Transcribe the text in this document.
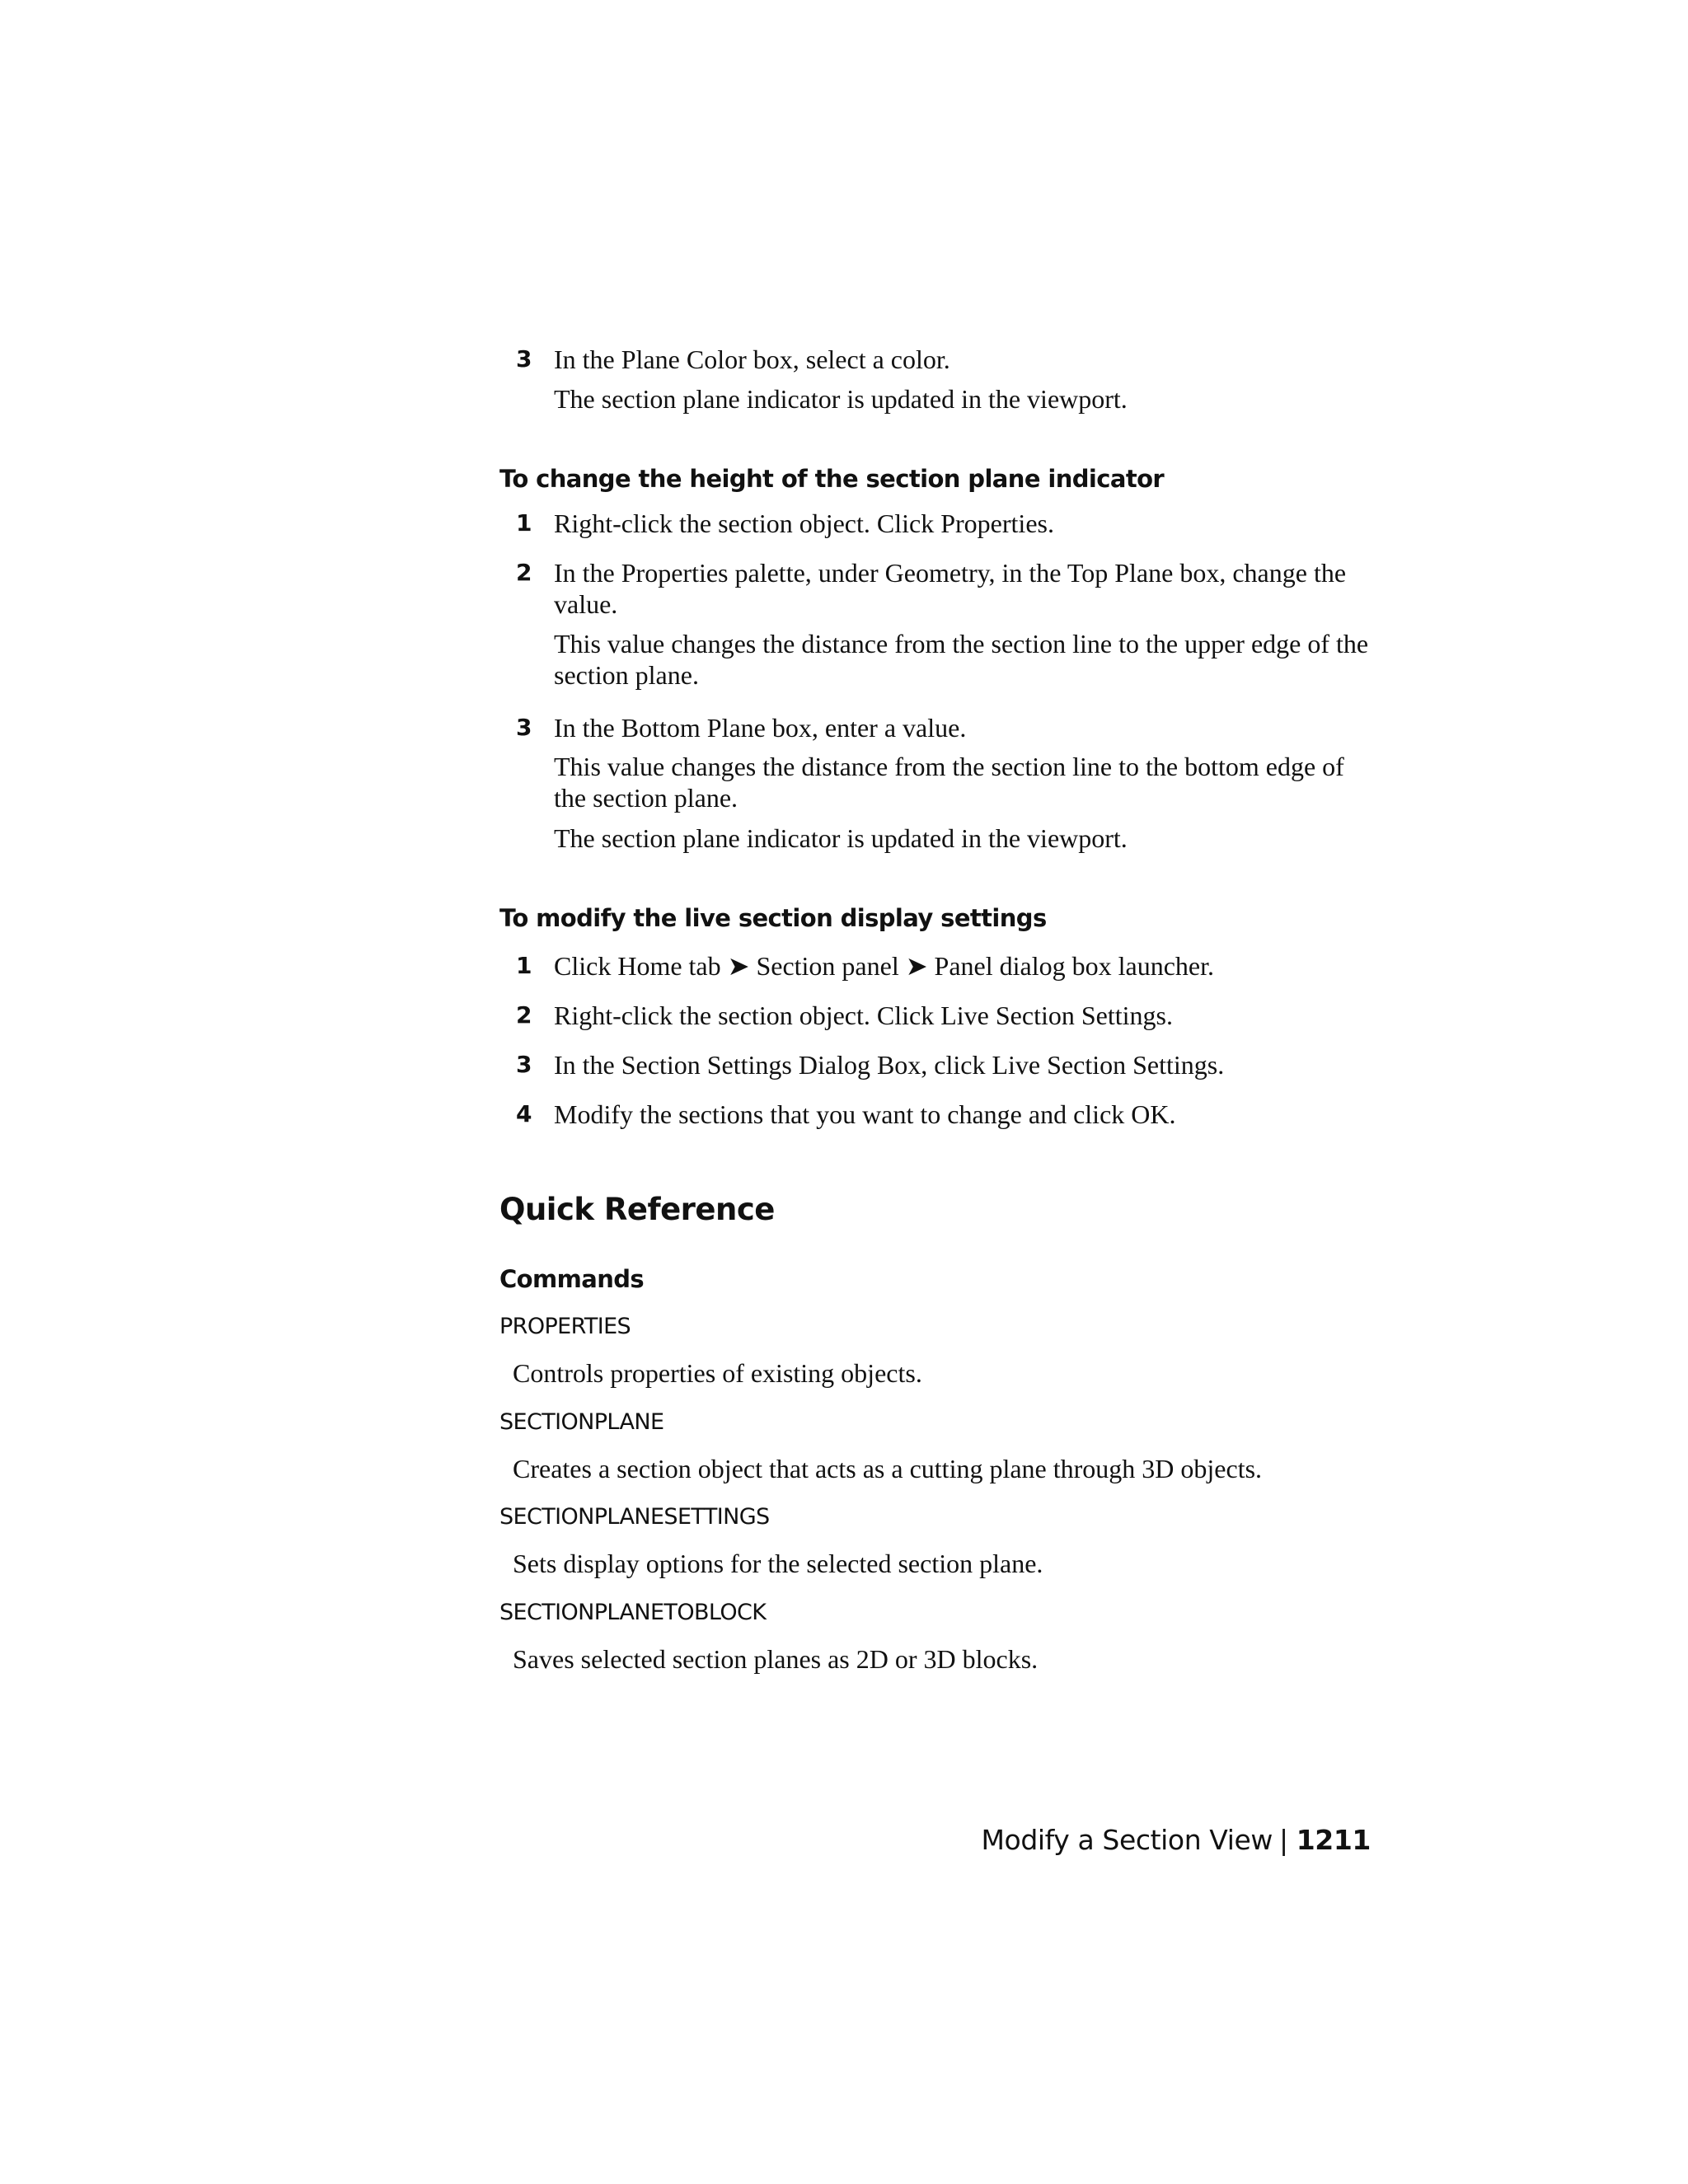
3 In the Plane Color box, select a color.

The section plane indicator is updated in the viewport.

To change the height of the section plane indicator
1 Right-click the section object. Click Properties.

2 In the Properties palette, under Geometry, in the Top Plane box, change the value.

This value changes the distance from the section line to the upper edge of the section plane.

3 In the Bottom Plane box, enter a value.

This value changes the distance from the section line to the bottom edge of the section plane.

The section plane indicator is updated in the viewport.

To modify the live section display settings
1 Click Home tab ➤ Section panel ➤ Panel dialog box launcher.

2 Right-click the section object. Click Live Section Settings.

3 In the Section Settings Dialog Box, click Live Section Settings.

4 Modify the sections that you want to change and click OK.

Quick Reference
Commands
PROPERTIES

Controls properties of existing objects.

SECTIONPLANE

Creates a section object that acts as a cutting plane through 3D objects.

SECTIONPLANESETTINGS

Sets display options for the selected section plane.

SECTIONPLANETOBLOCK

Saves selected section planes as 2D or 3D blocks.

Modify a Section View | 1211
